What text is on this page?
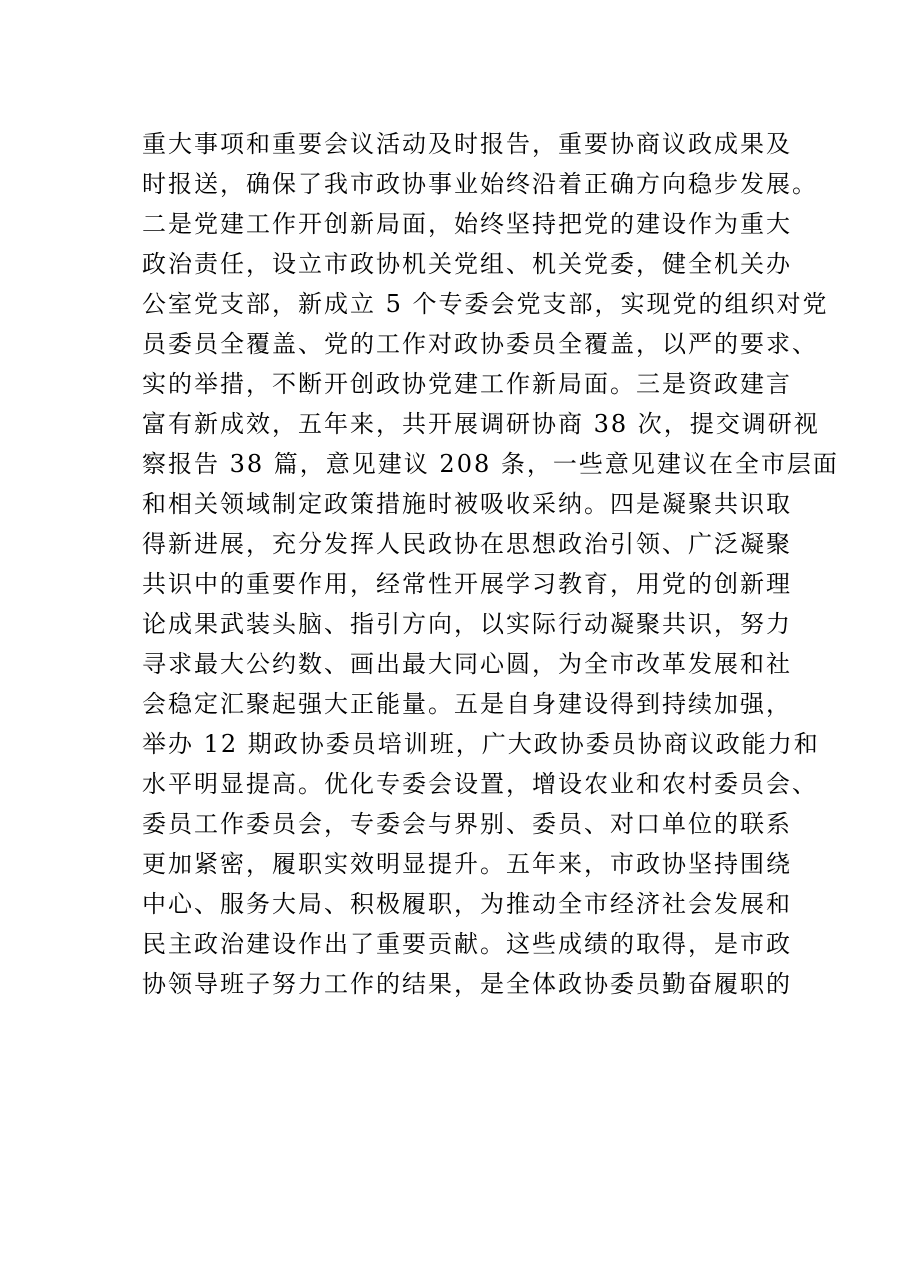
重大事项和重要会议活动及时报告，重要协商议政成果及
时报送，确保了我市政协事业始终沿着正确方向稳步发展。
二是党建工作开创新局面，始终坚持把党的建设作为重大
政治责任，设立市政协机关党组、机关党委，健全机关办
公室党支部，新成立 5 个专委会党支部，实现党的组织对党
员委员全覆盖、党的工作对政协委员全覆盖，以严的要求、
实的举措，不断开创政协党建工作新局面。三是资政建言
富有新成效，五年来，共开展调研协商 38 次，提交调研视
察报告 38 篇，意见建议 208 条，一些意见建议在全市层面
和相关领域制定政策措施时被吸收采纳。四是凝聚共识取
得新进展，充分发挥人民政协在思想政治引领、广泛凝聚
共识中的重要作用，经常性开展学习教育，用党的创新理
论成果武装头脑、指引方向，以实际行动凝聚共识，努力
寻求最大公约数、画出最大同心圆，为全市改革发展和社
会稳定汇聚起强大正能量。五是自身建设得到持续加强，
举办 12 期政协委员培训班，广大政协委员协商议政能力和
水平明显提高。优化专委会设置，增设农业和农村委员会、
委员工作委员会，专委会与界别、委员、对口单位的联系
更加紧密，履职实效明显提升。五年来，市政协坚持围绕
中心、服务大局、积极履职，为推动全市经济社会发展和
民主政治建设作出了重要贡献。这些成绩的取得，是市政
协领导班子努力工作的结果，是全体政协委员勤奋履职的
